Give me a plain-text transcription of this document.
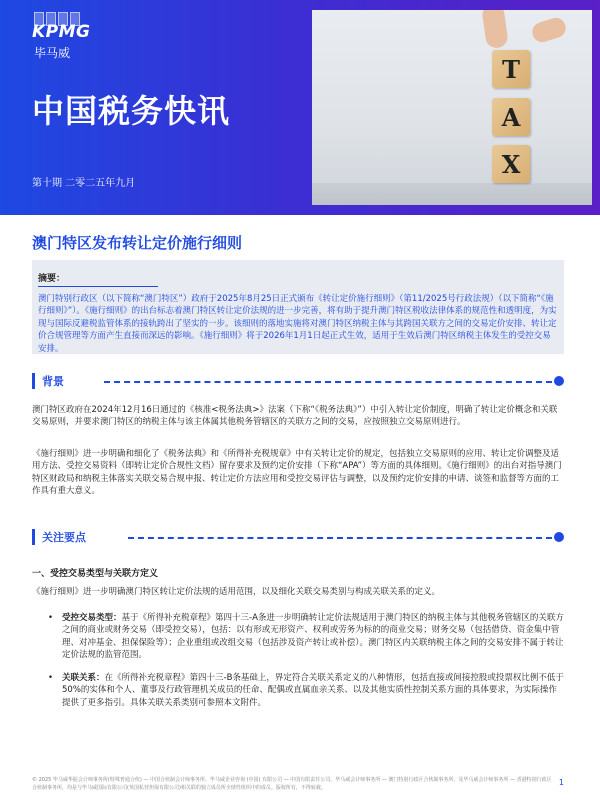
KPMG
毕马威
中国税务快讯
第十期 二零二五年九月
T
A
X
澳门特区发布转让定价施行细则
摘要：
澳门特别行政区（以下简称“澳门特区”）政府于2025年8月25日正式颁布《转让定价施行细则》（第11/2025号行政法规）（以下简称“《施行细则》”）。《施行细则》的出台标志着澳门特区转让定价法规的进一步完善，将有助于提升澳门特区税收法律体系的规范性和透明度，为实现与国际反避税监管体系的接轨跨出了坚实的一步。该细则的落地实施将对澳门特区纳税主体与其跨国关联方之间的交易定价安排、转让定价合规管理等方面产生直接而深远的影响。《施行细则》将于2026年1月1日起正式生效，适用于生效后澳门特区纳税主体发生的受控交易安排。
背景
澳门特区政府在2024年12月16日通过的《核准<税务法典>》法案（下称“《税务法典》”）中引入转让定价制度，明确了转让定价概念和关联交易原则，并要求澳门特区的纳税主体与该主体属其他税务管辖区的关联方之间的交易，应按照独立交易原则进行。
《施行细则》进一步明确和细化了《税务法典》和《所得补充税规章》中有关转让定价的规定，包括独立交易原则的应用、转让定价调整及适用方法、受控交易资料（即转让定价合规性文档）留存要求及预约定价安排（下称“APA”）等方面的具体细则。《施行细则》的出台对指导澳门特区财政局和纳税主体落实关联交易合规申报、转让定价方法应用和受控交易评估与调整，以及预约定价安排的申请、谈签和监督等方面的工作具有重大意义。
关注要点
一、受控交易类型与关联方定义
《施行细则》进一步明确澳门特区转让定价法规的适用范围，以及细化关联交易类别与构成关联关系的定义。
• 受控交易类型：基于《所得补充税章程》第四十三-A条进一步明确转让定价法规适用于澳门特区的纳税主体与其他税务管辖区的关联方之间的商业或财务交易（即受控交易），包括：以有形或无形资产、权利或劳务为标的的商业交易；财务交易（包括借贷、资金集中管理、对冲基金、担保保险等）；企业重组或改组交易（包括涉及资产转让或补偿）。澳门特区内关联纳税主体之间的交易安排不属于转让定价法规的监管范围。
• 关联关系：在《所得补充税章程》第四十三-B条基础上，界定符合关联关系定义的八种情形，包括直接或间接控股或投票权比例不低于50%的实体和个人、董事及行政管理机关成员的任命、配偶或直属血亲关系、以及其他实质性控制关系方面的具体要求，为实际操作提供了更多指引。具体关联关系类别可参照本文附件。
© 2025 毕马威华振会计师事务所(特殊普通合伙) — 中国合伙制会计师事务所、毕马威企业咨询 (中国) 有限公司 — 中国有限责任公司、毕马威会计师事务所 — 澳门特别行政区合伙制事务所，及毕马威会计师事务所 — 香港特别行政区合伙制事务所，均是与毕马威国际有限公司(英国私营担保有限公司)相关联的独立成员所全球性组织中的成员。版权所有，不得转载。
1
